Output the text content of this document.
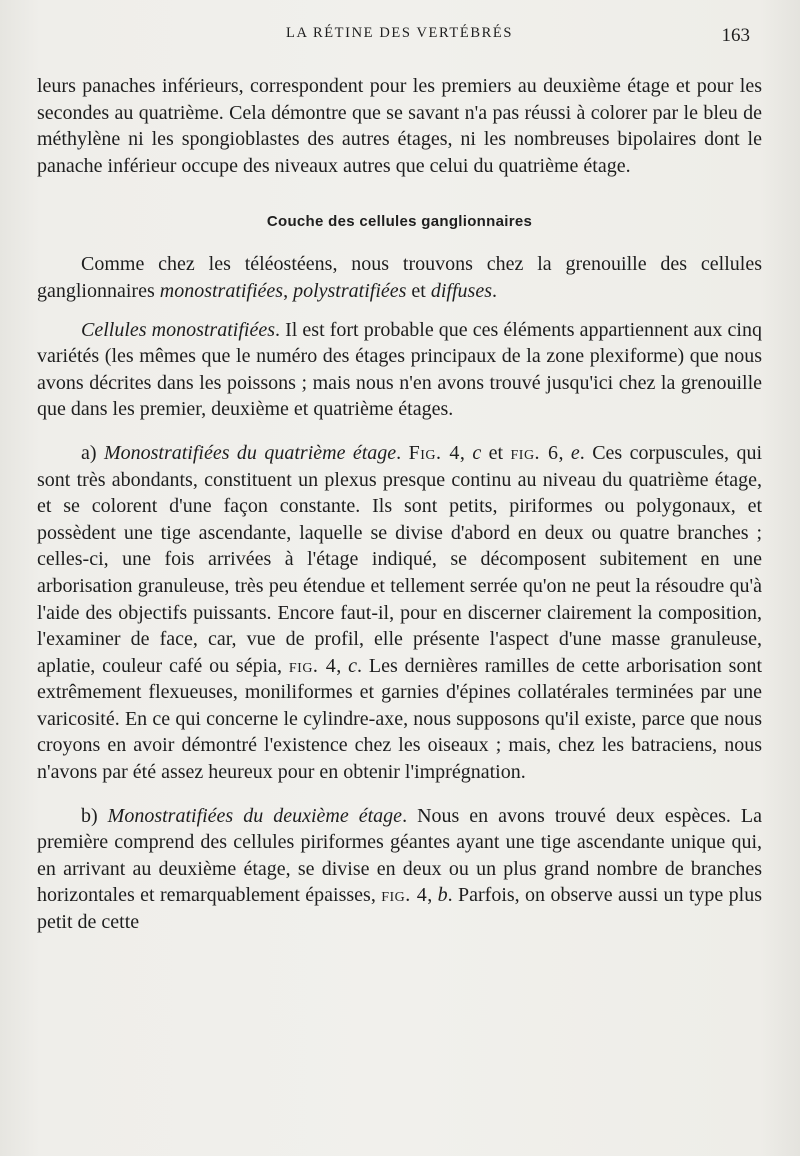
LA RÉTINE DES VERTÉBRÉS	163

leurs panaches inférieurs, correspondent pour les premiers au deuxième étage et pour les secondes au quatrième. Cela démontre que se savant n'a pas réussi à colorer par le bleu de méthylène ni les spongioblastes des autres étages, ni les nombreuses bipolaires dont le panache inférieur occupe des niveaux autres que celui du quatrième étage.

Couche des cellules ganglionnaires

Comme chez les téléostéens, nous trouvons chez la grenouille des cellules ganglionnaires monostratifiées, polystratifiées et diffuses.

Cellules monostratifiées. Il est fort probable que ces éléments appartiennent aux cinq variétés (les mêmes que le numéro des étages principaux de la zone plexiforme) que nous avons décrites dans les poissons ; mais nous n'en avons trouvé jusqu'ici chez la grenouille que dans les premier, deuxième et quatrième étages.

a) Monostratifiées du quatrième étage. Fig. 4, c et fig. 6, e. Ces corpuscules, qui sont très abondants, constituent un plexus presque continu au niveau du quatrième étage, et se colorent d'une façon constante. Ils sont petits, piriformes ou polygonaux, et possèdent une tige ascendante, laquelle se divise d'abord en deux ou quatre branches ; celles-ci, une fois arrivées à l'étage indiqué, se décomposent subitement en une arborisation granuleuse, très peu étendue et tellement serrée qu'on ne peut la résoudre qu'à l'aide des objectifs puissants. Encore faut-il, pour en discerner clairement la composition, l'examiner de face, car, vue de profil, elle présente l'aspect d'une masse granuleuse, aplatie, couleur café ou sépia, fig. 4, c. Les dernières ramilles de cette arborisation sont extrêmement flexueuses, moniliformes et garnies d'épines collatérales terminées par une varicosité. En ce qui concerne le cylindre-axe, nous supposons qu'il existe, parce que nous croyons en avoir démontré l'existence chez les oiseaux ; mais, chez les batraciens, nous n'avons par été assez heureux pour en obtenir l'imprégnation.

b) Monostratifiées du deuxième étage. Nous en avons trouvé deux espèces. La première comprend des cellules piriformes géantes ayant une tige ascendante unique qui, en arrivant au deuxième étage, se divise en deux ou un plus grand nombre de branches horizontales et remarquablement épaisses, fig. 4, b. Parfois, on observe aussi un type plus petit de cette
